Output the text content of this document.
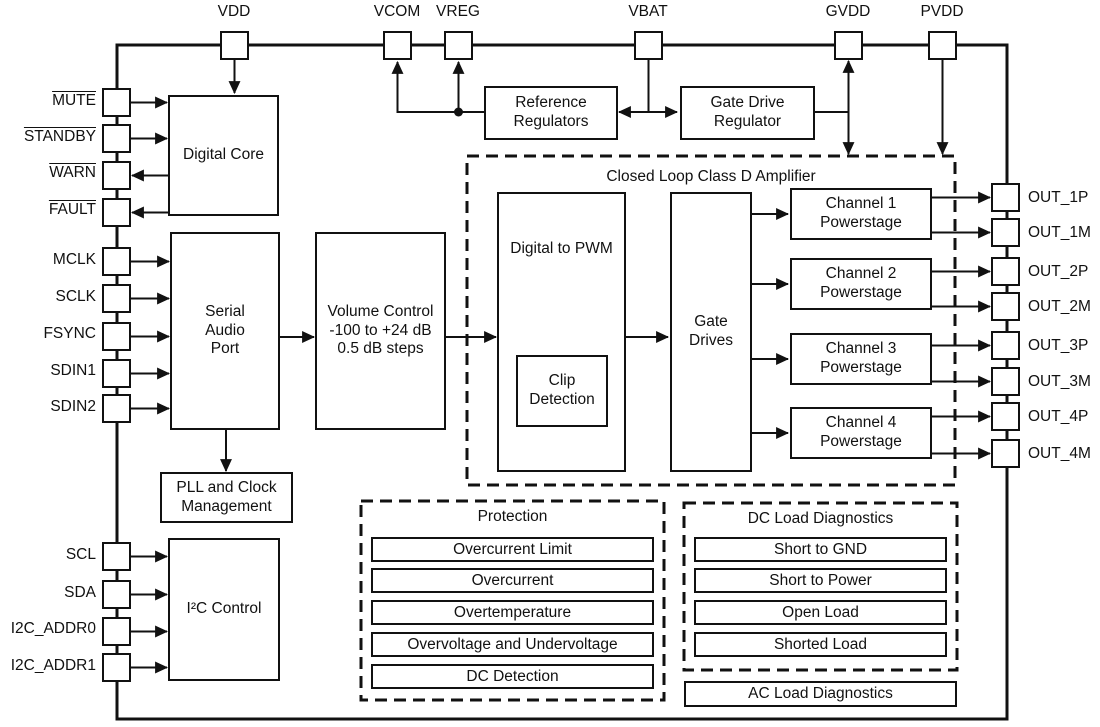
Closed Loop Class D Amplifier
Protection
Overcurrent Limit
Overcurrent
Overtemperature
Overvoltage and Undervoltage
DC Detection
DC Load Diagnostics
Short to GND
Short to Power
Open Load
Shorted Load
AC Load Diagnostics
Digital Core
Serial
Audio
Port
Volume Control
-100 to +24 dB
0.5 dB steps
PLL and Clock
Management
I²C Control
Reference
Regulators
Gate Drive
Regulator
Digital to PWM
Clip
Detection
Gate
Drives
Channel 1
Powerstage
Channel 2
Powerstage
Channel 3
Powerstage
Channel 4
Powerstage
VDD	VCOM	VREG	VBAT	GVDD	PVDD
MUTE
STANDBY
WARN
FAULT
MCLK
SCLK
FSYNC
SDIN1
SDIN2
SCL
SDA
I2C_ADDR0
I2C_ADDR1
OUT_1P
OUT_1M
OUT_2P
OUT_2M
OUT_3P
OUT_3M
OUT_4P
OUT_4M
